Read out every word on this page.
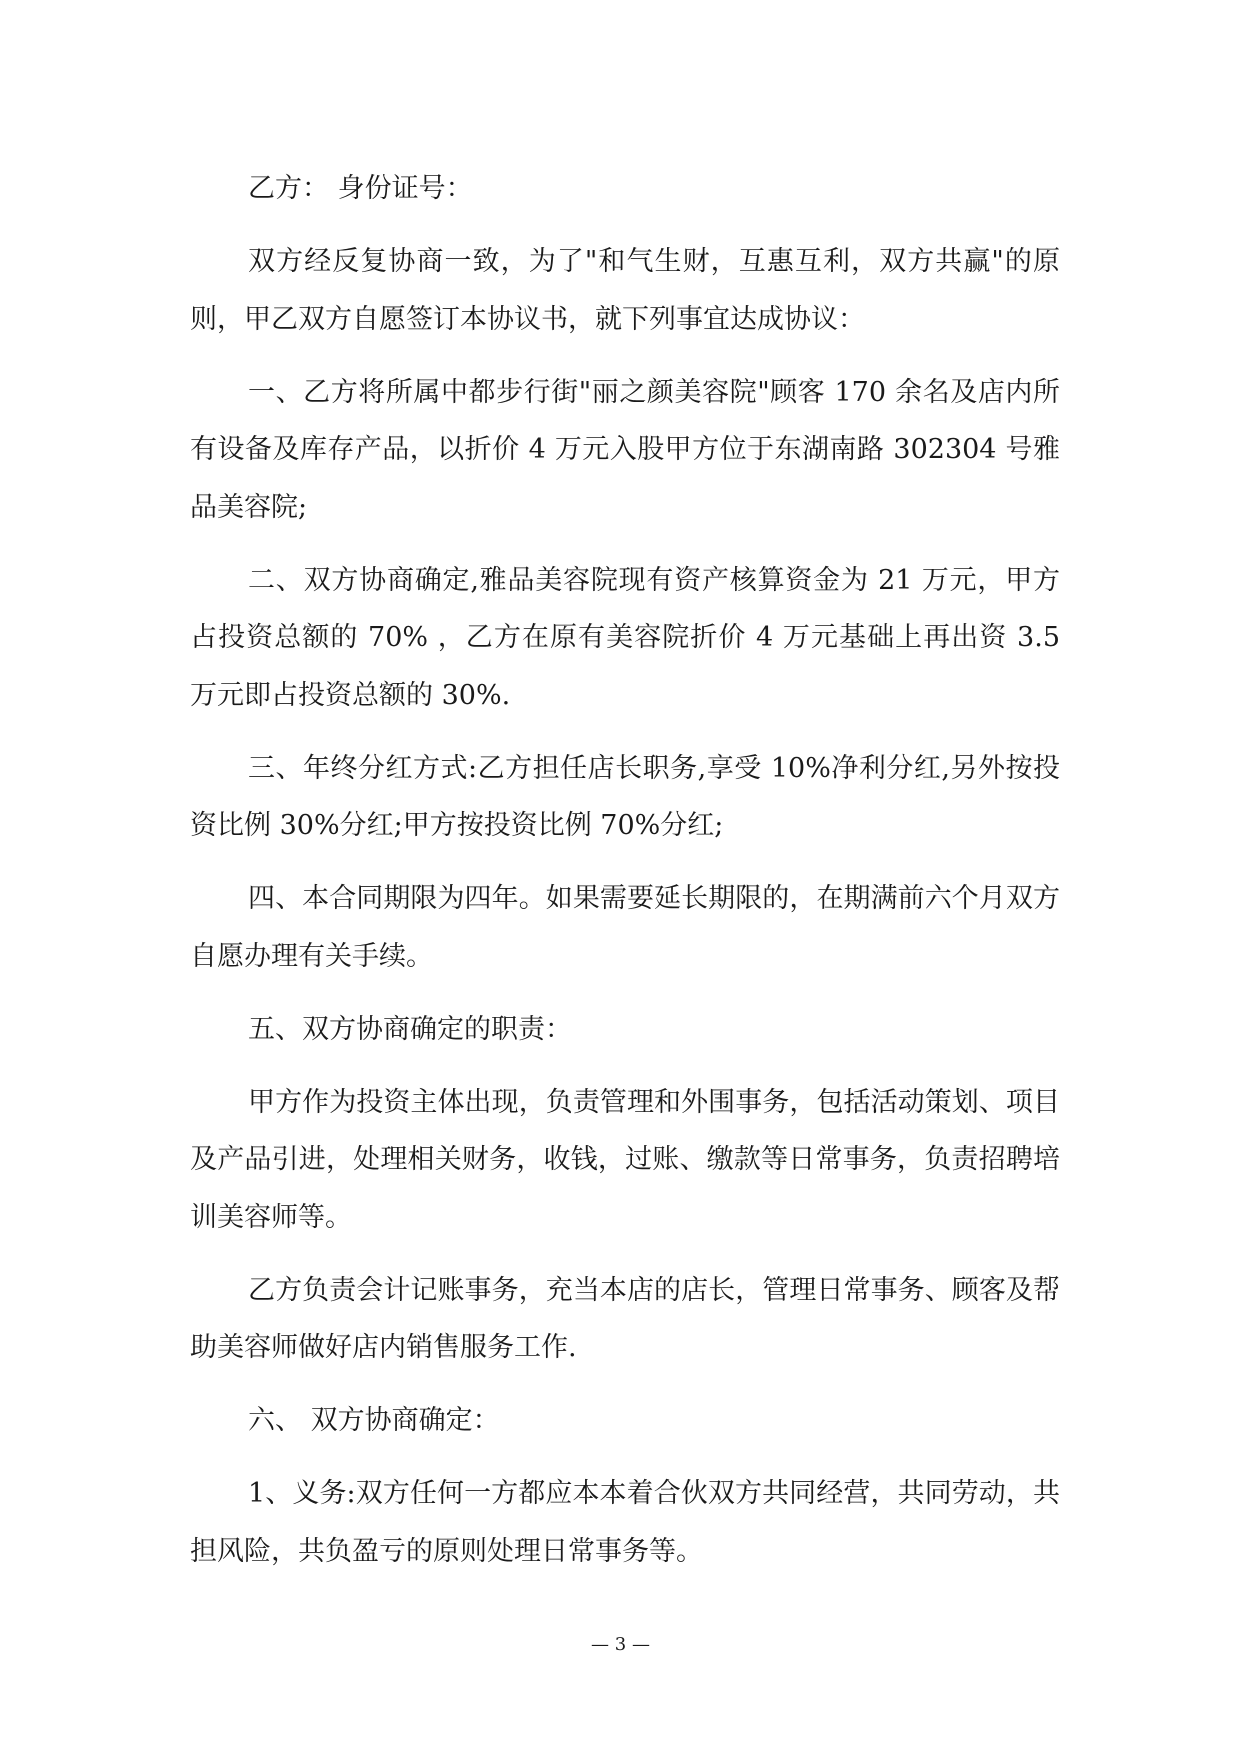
乙方： 身份证号：

双方经反复协商一致，为了"和气生财，互惠互利，双方共赢"的原则，甲乙双方自愿签订本协议书，就下列事宜达成协议：

一、乙方将所属中都步行街"丽之颜美容院"顾客 170 余名及店内所有设备及库存产品，以折价 4 万元入股甲方位于东湖南路 302304 号雅品美容院;

二、双方协商确定,雅品美容院现有资产核算资金为 21 万元，甲方占投资总额的 70% ，乙方在原有美容院折价 4 万元基础上再出资 3.5 万元即占投资总额的 30%.

三、年终分红方式:乙方担任店长职务,享受 10%净利分红,另外按投资比例 30%分红;甲方按投资比例 70%分红;

四、本合同期限为四年。如果需要延长期限的，在期满前六个月双方自愿办理有关手续。

五、双方协商确定的职责：

甲方作为投资主体出现，负责管理和外围事务，包括活动策划、项目及产品引进，处理相关财务，收钱，过账、缴款等日常事务，负责招聘培训美容师等。

乙方负责会计记账事务，充当本店的店长，管理日常事务、顾客及帮助美容师做好店内销售服务工作.

六、 双方协商确定：

1、义务:双方任何一方都应本本着合伙双方共同经营，共同劳动，共担风险，共负盈亏的原则处理日常事务等。

— 3 —
